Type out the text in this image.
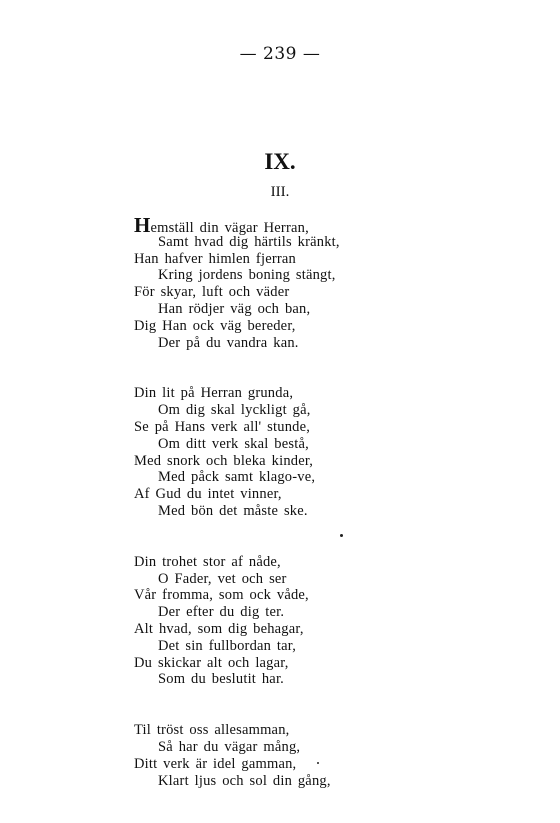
— 239 —
IX.
III.
Hemställ din vägar Herran,
Samt hvad dig härtils kränkt,
Han hafver himlen fjerran
Kring jordens boning stängt,
För skyar, luft och väder
Han rödjer väg och ban,
Dig Han ock väg bereder,
Der på du vandra kan.
Din lit på Herran grunda,
Om dig skal lyckligt gå,
Se på Hans verk all' stunde,
Om ditt verk skal bestå,
Med snork och bleka kinder,
Med påck samt klago-ve,
Af Gud du intet vinner,
Med bön det måste ske.
Din trohet stor af nåde,
O Fader, vet och ser
Vår fromma, som ock våde,
Der efter du dig ter.
Alt hvad, som dig behagar,
Det sin fullbordan tar,
Du skickar alt och lagar,
Som du beslutit har.
Til tröst oss allesamman,
Så har du vägar mång,
Ditt verk är idel gamman,
Klart ljus och sol din gång,
